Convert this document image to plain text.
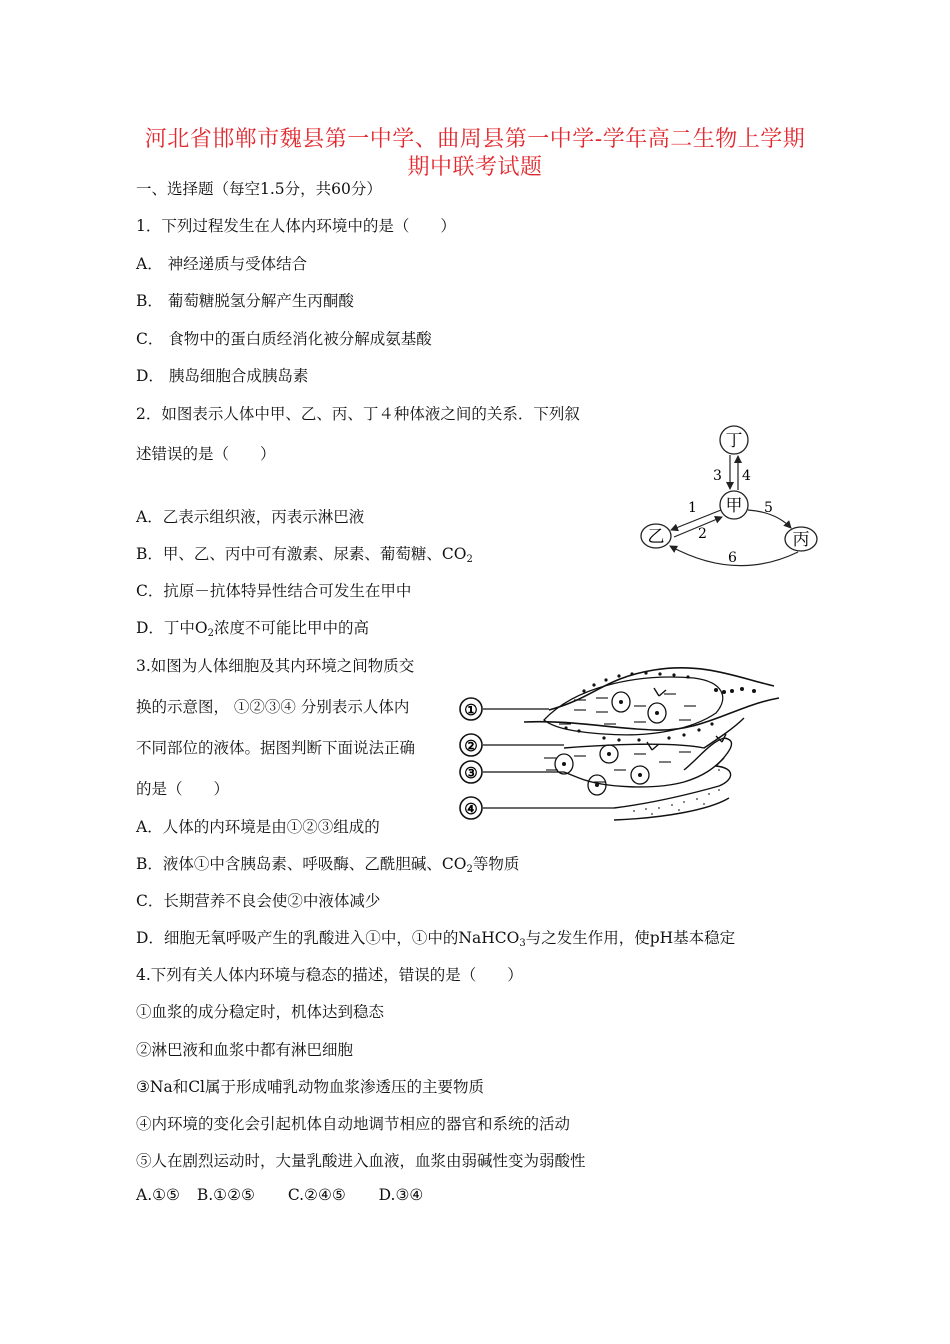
河北省邯郸市魏县第一中学、曲周县第一中学-学年高二生物上学期
期中联考试题
一、选择题（每空1.5分，共60分）
1．下列过程发生在人体内环境中的是（　　）
A． 神经递质与受体结合
B． 葡萄糖脱氢分解产生丙酮酸
C． 食物中的蛋白质经消化被分解成氨基酸
D． 胰岛细胞合成胰岛素
2．如图表示人体中甲、乙、丙、丁４种体液之间的关系．下列叙
述错误的是（　　）
A．乙表示组织液，丙表示淋巴液
B．甲、乙、丙中可有激素、尿素、葡萄糖、$CO_2$
C．抗原－抗体特异性结合可发生在甲中
D．丁中$O_2$浓度不可能比甲中的高
丁
甲
乙	丙
3 4
1
2
5
6
3.如图为人体细胞及其内环境之间物质交
换的示意图， ①②③④ 分别表示人体内
不同部位的液体。据图判断下面说法正确
的是（　　）
A．人体的内环境是由①②③组成的
B．液体①中含胰岛素、呼吸酶、乙酰胆碱、$CO_2$等物质
C．长期营养不良会使②中液体减少
D．细胞无氧呼吸产生的乳酸进入①中，①中的NaHCO$_3$与之发生作用，使pH基本稳定
①
②
③
④
4.下列有关人体内环境与稳态的描述，错误的是（　　）
①血浆的成分稳定时，机体达到稳态
②淋巴液和血浆中都有淋巴细胞
③Na和Cl属于形成哺乳动物血浆渗透压的主要物质
④内环境的变化会引起机体自动地调节相应的器官和系统的活动
⑤人在剧烈运动时，大量乳酸进入血液，血浆由弱碱性变为弱酸性
A.①⑤ B.①②⑤ C.②④⑤ D.③④
